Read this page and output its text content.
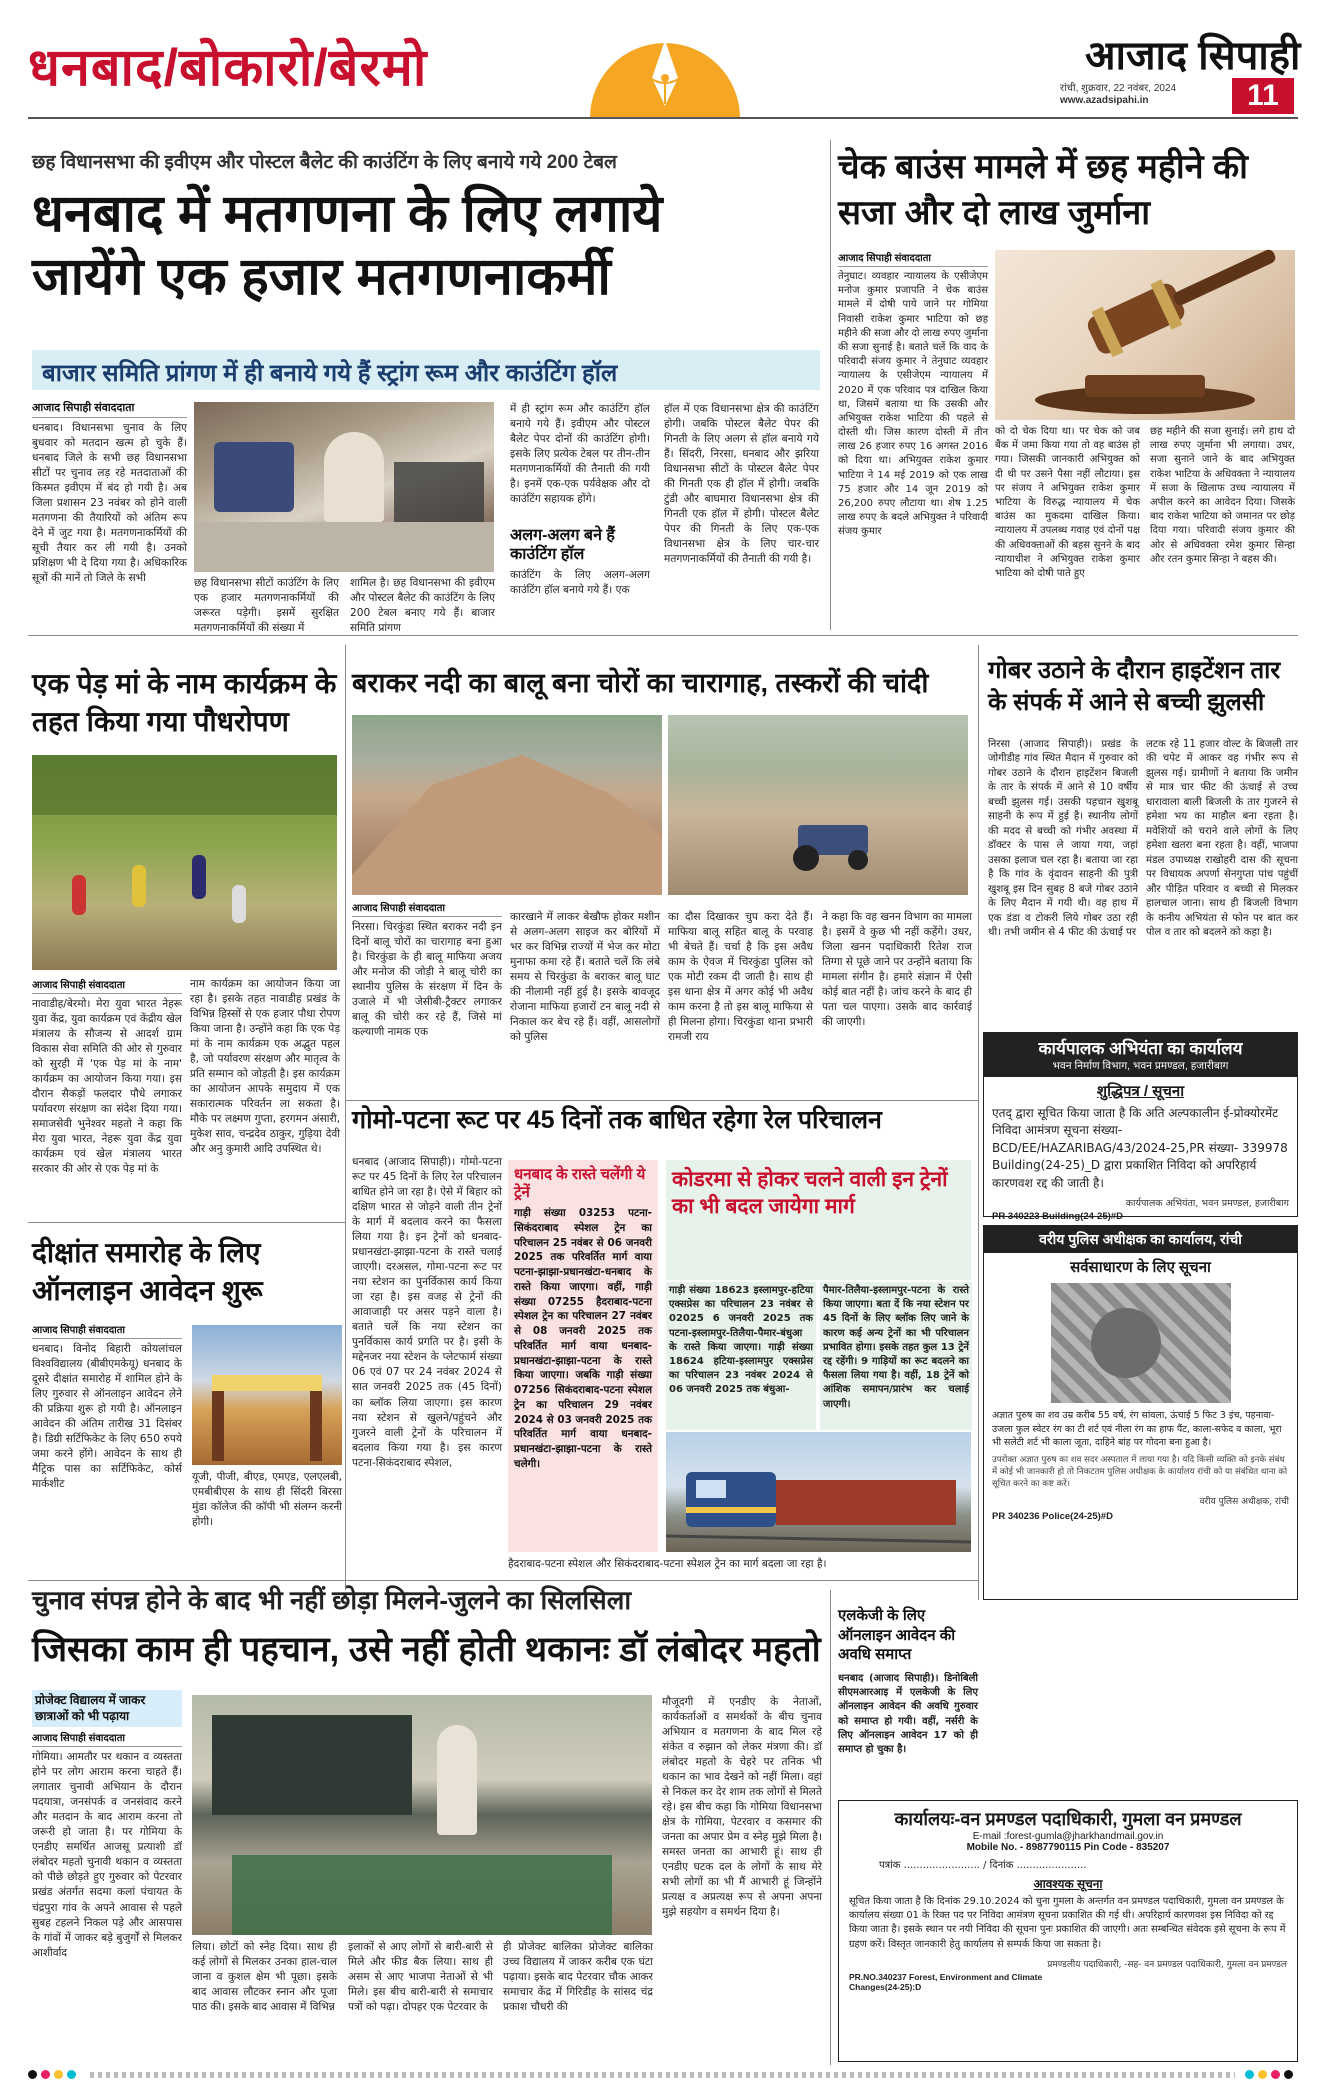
धनबाद/बोकारो/बेरमो	आजाद सिपाही
रांची, शुक्रवार, 22 नवंबर, 2024
www.azadsipahi.in	11
छह विधानसभा की इवीएम और पोस्टल बैलेट की काउंटिंग के लिए बनाये गये 200 टेबल
धनबाद में मतगणना के लिए लगाये
जायेंगे एक हजार मतगणनाकर्मी
बाजार समिति प्रांगण में ही बनाये गये हैं स्ट्रांग रूम और काउंटिंग हॉल
आजाद सिपाही संवाददाता
धनबाद। विधानसभा चुनाव के लिए बुधवार को मतदान खत्म हो चुके हैं। धनबाद जिले के सभी छह विधानसभा सीटों पर चुनाव लड़ रहे मतदाताओं की किस्मत इवीएम में बंद हो गयी है। अब जिला प्रशासन 23 नवंबर को होने वाली मतगणना की तैयारियों को अंतिम रूप देने में जुट गया है। मतगणनाकर्मियों की सूची तैयार कर ली गयी है। उनको प्रशिक्षण भी दे दिया गया है। अधिकारिक सूत्रों की मानें तो जिले के सभी	छह विधानसभा सीटों काउंटिंग के लिए एक हजार मतगणनाकर्मियों की जरूरत पड़ेगी। इसमें सुरक्षित मतगणनाकर्मियों की संख्या में
शामिल है। छह विधानसभा की इवीएम और पोस्टल बैलेट की काउंटिंग के लिए 200 टेबल बनाए गये हैं। बाजार समिति प्रांगण
में ही स्ट्रांग रूम और काउंटिंग हॉल बनाये गये हैं। इवीएम और पोस्टल बैलेट पेपर दोनों की काउंटिंग होगी। इसके लिए प्रत्येक टेबल पर तीन-तीन मतगणनाकर्मियों की तैनाती की गयी है। इनमें एक-एक पर्यवेक्षक और दो काउंटिंग सहायक होंगे।
अलग-अलग बने हैं काउंटिंग हॉल
काउंटिंग के लिए अलग-अलग काउंटिंग हॉल बनाये गये हैं। एक
हॉल में एक विधानसभा क्षेत्र की काउंटिंग होगी। जबकि पोस्टल बैलेट पेपर की गिनती के लिए अलग से हॉल बनाये गये हैं। सिंदरी, निरसा, धनबाद और झरिया विधानसभा सीटों के पोस्टल बैलेट पेपर की गिनती एक ही हॉल में होगी। जबकि टुंडी और बाघमारा विधानसभा क्षेत्र की गिनती एक हॉल में होगी। पोस्टल बैलेट पेपर की गिनती के लिए एक-एक विधानसभा क्षेत्र के लिए चार-चार मतगणनाकर्मियों की तैनाती की गयी है।
चेक बाउंस मामले में छह महीने की सजा और दो लाख जुर्माना
आजाद सिपाही संवाददाता
तेनुघाट। व्यवहार न्यायालय के एसीजेएम मनोज कुमार प्रजापति ने चेक बाउंस मामले में दोषी पाये जाने पर गोमिया निवासी राकेश कुमार भाटिया को छह महीने की सजा और दो लाख रुपए जुर्माना की सजा सुनाई है। बताते चलें कि वाद के परिवादी संजय कुमार ने तेनुघाट व्यवहार न्यायालय के एसीजेएम न्यायालय में 2020 में एक परिवाद पत्र दाखिल किया था, जिसमें बताया था कि उसकी और अभियुक्त राकेश भाटिया की पहले से दोस्ती थी। जिस कारण दोस्ती में तीन लाख 26 हजार रुपए 16 अगस्त 2016 को दिया था। अभियुक्त राकेश कुमार भाटिया ने 14 मई 2019 को एक लाख 75 हजार और 14 जून 2019 को 26,200 रुपए लौटाया था। शेष 1.25 लाख रुपए के बदले अभियुक्त ने परिवादी संजय कुमार
को दो चेक दिया था। पर चेक को जब बैंक में जमा किया गया तो वह बाउंस हो गया। जिसकी जानकारी अभियुक्त को दी थी पर उसने पैसा नहीं लौटाया। इस पर संजय ने अभियुक्त राकेश कुमार भाटिया के विरुद्ध न्यायालय में चेक बाउंस का मुकदमा दाखिल किया। न्यायालय में उपलब्ध गवाह एवं दोनों पक्ष की अधिवक्ताओं की बहस सुनने के बाद न्यायाधीश ने अभियुक्त राकेश कुमार भाटिया को दोषी पाते हुए
छह महीने की सजा सुनाई। लगे हाथ दो लाख रुपए जुर्माना भी लगाया। उधर, सजा सुनाने जाने के बाद अभियुक्त राकेश भाटिया के अधिवक्ता ने न्यायालय में सजा के खिलाफ उच्च न्यायालय में अपील करने का आवेदन दिया। जिसके बाद राकेश भाटिया को जमानत पर छोड़ दिया गया। परिवादी संजय कुमार की ओर से अधिवक्ता रमेश कुमार सिन्हा और रतन कुमार सिन्हा ने बहस की।
एक पेड़ मां के नाम कार्यक्रम के तहत किया गया पौधरोपण
आजाद सिपाही संवाददाता
नावाडीह/बेरमो। मेरा युवा भारत नेहरू युवा केंद्र, युवा कार्यक्रम एवं केंद्रीय खेल मंत्रालय के सौजन्य से आदर्श ग्राम विकास सेवा समिति की ओर से गुरुवार को सुरही में 'एक पेड़ मां के नाम' कार्यक्रम का आयोजन किया गया। इस दौरान सैकड़ों फलदार पौधे लगाकर पर्यावरण संरक्षण का संदेश दिया गया। समाजसेवी भुनेश्वर महतो ने कहा कि मेरा युवा भारत, नेहरू युवा केंद्र युवा कार्यक्रम एवं खेल मंत्रालय भारत सरकार की ओर से एक पेड़ मां के
नाम कार्यक्रम का आयोजन किया जा रहा है। इसके तहत नावाडीह प्रखंड के विभिन्न हिस्सों से एक हजार पौधा रोपण किया जाना है। उन्होंने कहा कि एक पेड़ मां के नाम कार्यक्रम एक अद्भुत पहल है, जो पर्यावरण संरक्षण और मातृत्व के प्रति सम्मान को जोड़ती है। इस कार्यक्रम का आयोजन आपके समुदाय में एक सकारात्मक परिवर्तन ला सकता है। मौके पर लक्ष्मण गुप्ता, हरगमन अंसारी, मुकेश साव, चन्द्रदेव ठाकुर, गुड़िया देवी और अनु कुमारी आदि उपस्थित थे।
बराकर नदी का बालू बना चोरों का चारागाह, तस्करों की चांदी
आजाद सिपाही संवाददाता
निरसा। चिरकुंडा स्थित बराकर नदी इन दिनों बालू चोरों का चारागाह बना हुआ है। चिरकुंडा के ही बालू माफिया अजय और मनोज की जोड़ी ने बालू चोरी का स्थानीय पुलिस के संरक्षण में दिन के उजाले में भी जेसीबी-ट्रैक्टर लगाकर बालू की चोरी कर रहे हैं, जिसे मां कल्याणी नामक एक
कारखाने में लाकर बेखौफ होकर मशीन से अलग-अलग साइज कर बोरियों में भर कर विभिन्न राज्यों में भेज कर मोटा मुनाफा कमा रहे हैं। बताते चलें कि लंबे समय से चिरकुंडा के बराकर बालू घाट की नीलामी नहीं हुई है। इसके बावजूद रोजाना माफिया हजारों टन बालू नदी से निकाल कर बेच रहे हैं। वहीं, आसलोगों को पुलिस
का दौस दिखाकर चुप करा देते हैं। माफिया बालू सहित बालू के परवाह भी बेचते हैं। चर्चा है कि इस अवैध काम के ऐवज में चिरकुंडा पुलिस को एक मोटी रकम दी जाती है। साथ ही इस धाना क्षेत्र में अगर कोई भी अवैध काम करना है तो इस बालू माफिया से ही मिलना होगा। चिरकुंडा थाना प्रभारी रामजी राय
ने कहा कि वह खनन विभाग का मामला है। इसमें वे कुछ भी नहीं कहेंगे। उधर, जिला खनन पदाधिकारी रितेश राज तिग्गा से पूछे जाने पर उन्होंने बताया कि मामला संगीन है। हमारे संज्ञान में ऐसी कोई बात नहीं है। जांच करने के बाद ही पता चल पाएगा। उसके बाद कार्रवाई की जाएगी।
गोबर उठाने के दौरान हाइटेंशन तार के संपर्क में आने से बच्ची झुलसी
निरसा (आजाद सिपाही)। प्रखंड के जोगीडीह गांव स्थित मैदान में गुरुवार को गोबर उठाने के दौरान हाइटेंशन बिजली के तार के संपर्क में आने से 10 वर्षीय बच्ची झुलस गई। उसकी पहचान खुशबू साहनी के रूप में हुई है। स्थानीय लोगों की मदद से बच्ची को गंभीर अवस्था में डॉक्टर के पास ले जाया गया, जहां उसका इलाज चल रहा है। बताया जा रहा है कि गांव के वृंदावन साहनी की पुत्री खुशबू इस दिन सुबह 8 बजे गोबर उठाने के लिए मैदान में गयी थी। वह हाथ में एक डंडा व टोकरी लिये गोबर उठा रही थी। तभी जमीन से 4 फीट की ऊंचाई पर
लटक रहे 11 हजार वोल्ट के बिजली तार की चपेट में आकर वह गंभीर रूप से झुलस गई। ग्रामीणों ने बताया कि जमीन से मात्र चार फीट की ऊंचाई से उच्च धारावाला बाली बिजली के तार गुजरने से हमेशा भय का माहौल बना रहता है। मवेशियों को चराने वाले लोगों के लिए हमेशा खतरा बना रहता है। वहीं, भाजपा मंडल उपाध्यक्ष राखोहरी दास की सूचना पर विधायक अपर्णा सेनगुप्ता पांच पहुंचीं और पीड़ित परिवार व बच्ची से मिलकर हालचाल जाना। साथ ही बिजली विभाग के कनीय अभियंता से फोन पर बात कर पोल व तार को बदलने को कहा है।
कार्यपालक अभियंता का कार्यालय
भवन निर्माण विभाग, भवन प्रमण्डल, हजारीबाग
शुद्धिपत्र / सूचना
एतद् द्वारा सूचित किया जाता है कि अति अल्पकालीन ई-प्रोक्योरमेंट निविदा आमंत्रण सूचना संख्या- BCD/EE/HAZARIBAG/43/2024-25,PR संख्या- 339978 Building(24-25)_D द्वारा प्रकाशित निविदा को अपरिहार्य कारणवश रद्द की जाती है।
कार्यपालक अभियंता, भवन प्रमण्डल, हजारीबाग
PR 340223 Building(24-25)#D
गोमो-पटना रूट पर 45 दिनों तक बाधित रहेगा रेल परिचालन
धनबाद (आजाद सिपाही)। गोमो-पटना रूट पर 45 दिनों के लिए रेल परिचालन बाधित होने जा रहा है। ऐसे में बिहार को दक्षिण भारत से जोड़ने वाली तीन ट्रेनों के मार्ग में बदलाव करने का फैसला लिया गया है। इन ट्रेनों को धनबाद-प्रधानखंटा-झाझा-पटना के रास्ते चलाई जाएगी। दरअसल, गोमा-पटना रूट पर नया स्टेशन का पुनर्विकास कार्य किया जा रहा है। इस वजह से ट्रेनों की आवाजाही पर असर पड़ने वाला है। बताते चलें कि नया स्टेशन का पुनर्विकास कार्य प्रगति पर है। इसी के मद्देनजर नया स्टेशन के प्लेटफार्म संख्या 06 एवं 07 पर 24 नवंबर 2024 से सात जनवरी 2025 तक (45 दिनों) का ब्लॉक लिया जाएगा। इस कारण नया स्टेशन से खुलने/पहुंचने और गुजरने वाली ट्रेनों के परिचालन में बदलाव किया गया है। इस कारण पटना-सिकंदराबाद स्पेशल,
धनबाद के रास्ते चलेंगी ये ट्रेनें
गाड़ी संख्या 03253 पटना-सिकंदराबाद स्पेशल ट्रेन का परिचालन 25 नवंबर से 06 जनवरी 2025 तक परिवर्तित मार्ग वाया पटना-झाझा-प्रधानखंटा-धनबाद के रास्ते किया जाएगा। वहीं, गाड़ी संख्या 07255 हैदराबाद-पटना स्पेशल ट्रेन का परिचालन 27 नवंबर से 08 जनवरी 2025 तक परिवर्तित मार्ग वाया धनबाद-प्रधानखंटा-झाझा-पटना के रास्ते किया जाएगा। जबकि गाड़ी संख्या 07256 सिकंदराबाद-पटना स्पेशल ट्रेन का परिचालन 29 नवंबर 2024 से 03 जनवरी 2025 तक परिवर्तित मार्ग वाया धनबाद-प्रधानखंटा-झाझा-पटना के रास्ते चलेगी।
हैदराबाद-पटना स्पेशल और सिकंदराबाद-पटना स्पेशल ट्रेन का मार्ग बदला जा रहा है।
कोडरमा से होकर चलने वाली इन ट्रेनों का भी बदल जायेगा मार्ग
गाड़ी संख्या 18623 इस्लामपुर-हटिया एक्सप्रेस का परिचालन 23 नवंबर से 02025 6 जनवरी 2025 तक पटना-इस्लामपुर-तिलैया-पैमार-बंधुआ के रास्ते किया जाएगा। गाड़ी संख्या 18624 हटिया-इस्लामपुर एक्सप्रेस का परिचालन 23 नवंबर 2024 से 06 जनवरी 2025 तक बंधुआ-
पैमार-तिलैया-इस्लामपुर-पटना के रास्ते किया जाएगा। बता दें कि नया स्टेशन पर 45 दिनों के लिए ब्लॉक लिए जाने के कारण कई अन्य ट्रेनों का भी परिचालन प्रभावित होगा। इसके तहत कुल 13 ट्रेनें रद्द रहेंगी। 9 गाड़ियों का रूट बदलने का फैसला लिया गया है। वहीं, 18 ट्रेनें को आंशिक समापन/प्रारंभ कर चलाई जाएगी।
दीक्षांत समारोह के लिए ऑनलाइन आवेदन शुरू
आजाद सिपाही संवाददाता
धनबाद। विनोद बिहारी कोयलांचल विश्वविद्यालय (बीबीएमकेयू) धनबाद के दूसरे दीक्षांत समारोह में शामिल होने के लिए गुरुवार से ऑनलाइन आवेदन लेने की प्रक्रिया शुरू हो गयी है। ऑनलाइन आवेदन की अंतिम तारीख 31 दिसंबर है। डिग्री सर्टिफिकेट के लिए 650 रुपये जमा करने होंगे। आवेदन के साथ ही मैट्रिक पास का सर्टिफिकेट, कोर्स मार्कशीट
यूजी, पीजी, बीएड, एमएड, एलएलबी, एमबीबीएस के साथ ही सिंदरी बिरसा मुंडा कॉलेज की कॉपी भी संलग्न करनी होगी।
वरीय पुलिस अधीक्षक का कार्यालय, रांची
सर्वसाधारण के लिए सूचना
अज्ञात पुरुष का शव उम्र करीब 55 वर्ष, रंग सांवला, ऊंचाई 5 फिट 3 इंच, पहनावा-उजला फुल स्वेटर रंग का टी शर्ट एवं नीला रंग का हाफ पैंट, काला-सफेद व काला, भूरा भी सलेटी शर्ट भी काला जूता, दाहिने बांह पर गोदना बना हुआ है।
उपरोक्त अज्ञात पुरुष का शव सदर अस्पताल में लाया गया है। यदि किसी व्यक्ति को इनके संबंध में कोई भी जानकारी हो तो निकटतम पुलिस अधीक्षक के कार्यालय रांची को या संबंधित थाना को सूचित करने का कष्ट करें।
वरीय पुलिस अधीक्षक, रांची
PR 340236 Police(24-25)#D
चुनाव संपन्न होने के बाद भी नहीं छोड़ा मिलने-जुलने का सिलसिला
जिसका काम ही पहचान, उसे नहीं होती थकानः डॉ लंबोदर महतो
प्रोजेक्ट विद्यालय में जाकर छात्राओं को भी पढ़ाया
आजाद सिपाही संवाददाता
गोमिया। आमतौर पर थकान व व्यस्तता होने पर लोग आराम करना चाहते हैं। लगातार चुनावी अभियान के दौरान पदयात्रा, जनसंपर्क व जनसंवाद करने और मतदान के बाद आराम करना तो जरूरी हो जाता है। पर गोमिया के एनडीए समर्थित आजसू प्रत्याशी डॉ लंबोदर महतो चुनावी थकान व व्यस्तता को पीछे छोड़ते हुए गुरुवार को पेटरवार प्रखंड अंतर्गत सदमा कलां पंचायत के चंद्रपुरा गांव के अपने आवास से पहले सुबह टहलने निकल पड़े और आसपास के गांवों में जाकर बड़े बुजुर्गों से मिलकर आशीर्वाद	लिया। छोटों को स्नेह दिया। साथ ही कई लोगों से मिलकर उनका हाल-चाल जाना व कुशल क्षेम भी पूछा। इसके बाद आवास लौटकर स्नान और पूजा पाठ की। इसके बाद आवास में विभिन्न
इलाकों से आए लोगों से बारी-बारी से मिले और फीड बैक लिया। साथ ही असम से आए भाजपा नेताओं से भी मिले। इस बीच बारी-बारी से समाचार पत्रों को पढ़ा। दोपहर एक पेटरवार के
ही प्रोजेक्ट बालिका प्रोजेक्ट बालिका उच्च विद्यालय में जाकर करीब एक घंटा पढ़ाया। इसके बाद पेटरवार चौक आकर समाचार केंद्र में गिरिडीह के सांसद चंद्र प्रकाश चौधरी की
मौजूदगी में एनडीए के नेताओं, कार्यकर्ताओं व समर्थकों के बीच चुनाव अभियान व मतगणना के बाद मिल रहे संकेत व रुझान को लेकर मंत्रणा की। डॉ लंबोदर महतो के चेहरे पर तनिक भी थकान का भाव देखने को नहीं मिला। वहां से निकल कर देर शाम तक लोगों से मिलते रहे। इस बीच कहा कि गोमिया विधानसभा क्षेत्र के गोमिया, पेटरवार व कसमार की जनता का अपार प्रेम व स्नेह मुझे मिला है। समस्त जनता का आभारी हूं। साथ ही एनडीए घटक दल के लोगों के साथ मेरे सभी लोगों का भी मैं आभारी हूं जिन्होंने प्रत्यक्ष व अप्रत्यक्ष रूप से अपना अपना मुझे सहयोग व समर्थन दिया है।
एलकेजी के लिए ऑनलाइन आवेदन की अवधि समाप्त
धनबाद (आजाद सिपाही)। डिनोबिली सीएमआरआइ में एलकेजी के लिए ऑनलाइन आवेदन की अवधि गुरुवार को समाप्त हो गयी। वहीं, नर्सरी के लिए ऑनलाइन आवेदन 17 को ही समाप्त हो चुका है।
कार्यालयः-वन प्रमण्डल पदाधिकारी, गुमला वन प्रमण्डल
E-mail :forest-gumla@jharkhandmail.gov.in
Mobile No. - 8987790115 Pin Code - 835207
पत्रांक ........................ / दिनांक ......................
आवश्यक सूचना
सूचित किया जाता है कि दिनांक 29.10.2024 को चुना गुमला के अन्तर्गत वन प्रमण्डल पदाधिकारी, गुमला वन प्रमण्डल के कार्यालय संख्या 01 के रिक्त पद पर निविदा आमंत्रण सूचना प्रकाशित की गई थी। अपरिहार्य कारणवश इस निविदा को रद्द किया जाता है। इसके स्थान पर नयी निविदा की सूचना पुनः प्रकाशित की जाएगी। अतः सम्बन्धित संवेदक इसे सूचना के रूप में ग्रहण करें। विस्तृत जानकारी हेतु कार्यालय से सम्पर्क किया जा सकता है।
प्रमण्डलीय पदाधिकारी, -सह- वन प्रमण्डल पदाधिकारी, गुमला वन प्रमण्डल
PR.NO.340237 Forest, Environment and Climate Changes(24-25):D
